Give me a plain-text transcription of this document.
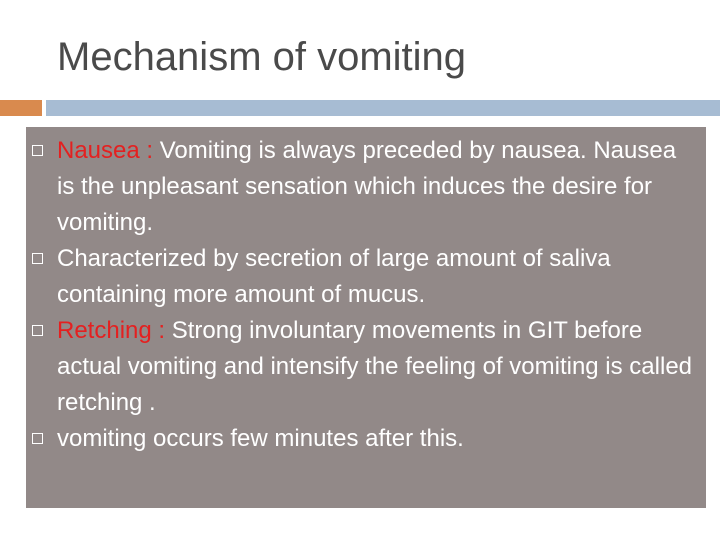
Mechanism of vomiting
Nausea : Vomiting is always preceded by nausea. Nausea is the unpleasant sensation which induces the desire for vomiting.
Characterized by secretion of large amount of saliva containing more amount of mucus.
Retching : Strong involuntary movements in GIT before actual vomiting and intensify the feeling of vomiting is called retching .
vomiting occurs few minutes after this.
